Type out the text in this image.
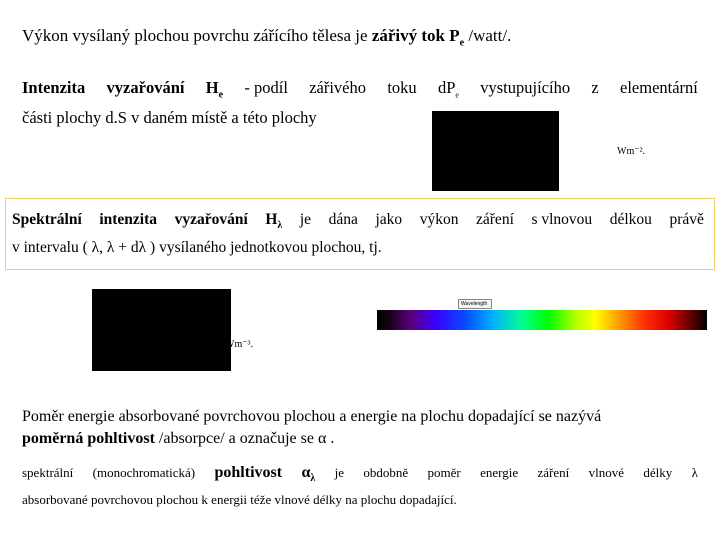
Výkon vysílaný plochou povrchu zářícího tělesa je zářivý tok $P_e$ /watt/.
Intenzita vyzařování $H_e$ - podíl zářivého toku $dP_e$ vystupujícího z elementární
části plochy d.S v daném místě a této plochy
Wm⁻².
Spektrální intenzita vyzařování $H_\lambda$ je dána jako výkon záření s vlnovou délkou právě
v intervalu ( λ, λ + dλ ) vysílaného jednotkovou plochou, tj.
Wm⁻³.
Wavelength
Poměr energie absorbované povrchovou plochou a energie na plochu dopadající se nazývá
poměrná pohltivost /absorpce/ a označuje se α .
spektrální (monochromatická) pohltivost $\alpha_\lambda$ je obdobně poměr energie záření vlnové délky λ
absorbované povrchovou plochou k energii téže vlnové délky na plochu dopadající.
